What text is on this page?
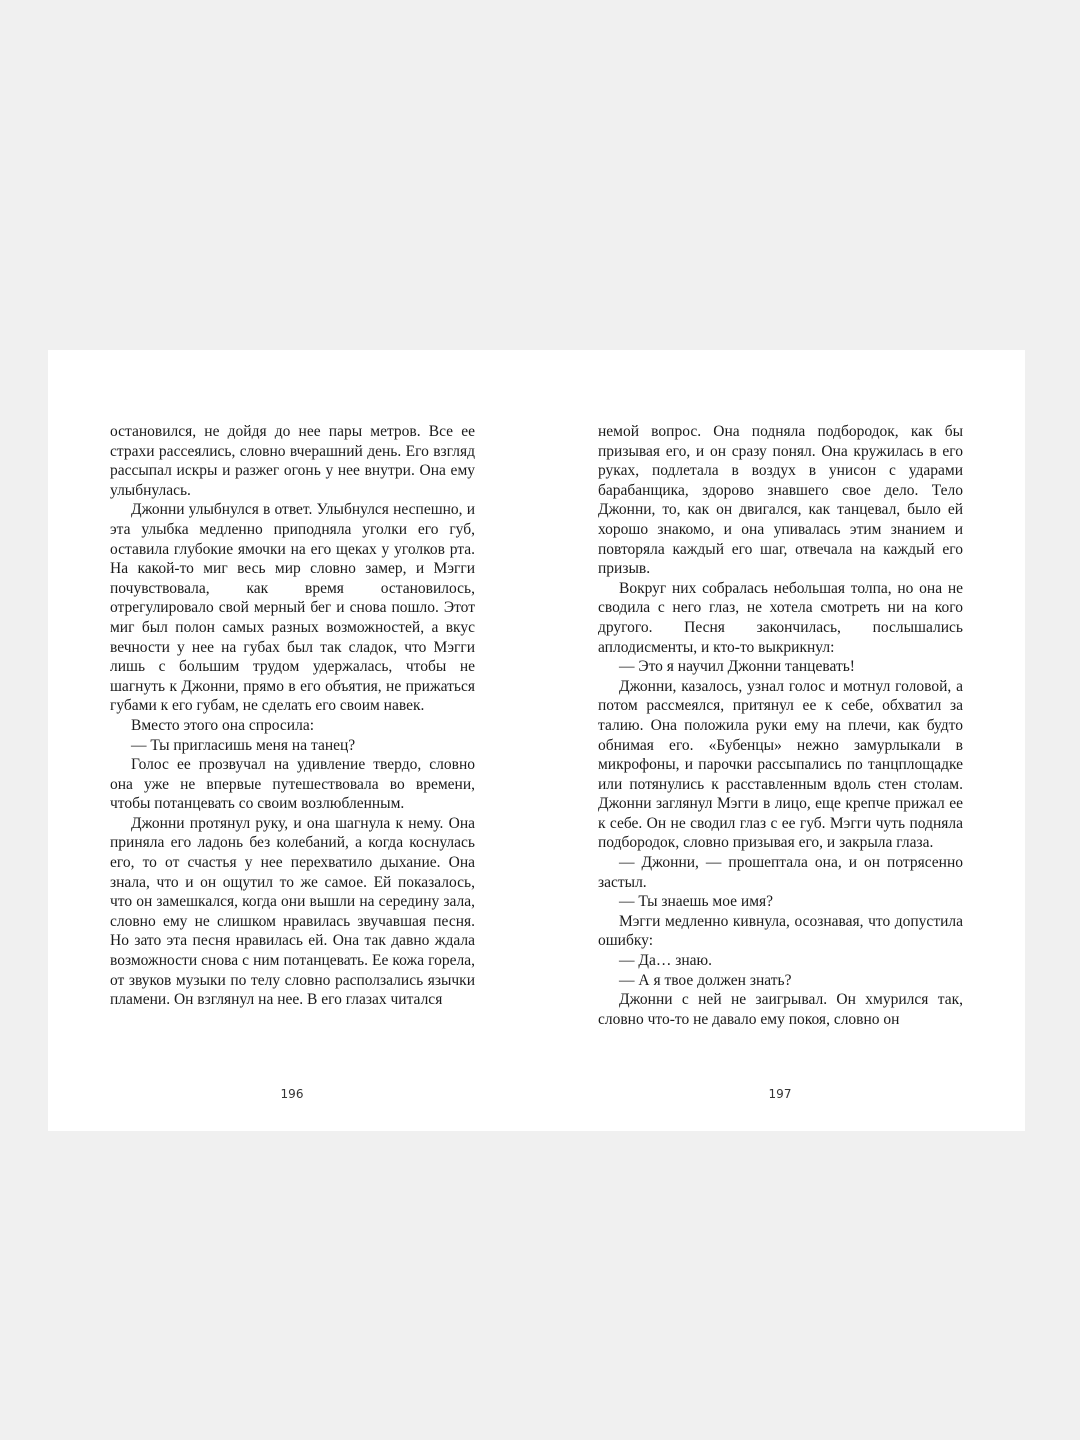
остановился, не дойдя до нее пары метров. Все ее страхи рассеялись, словно вчерашний день. Его взгляд рассыпал искры и разжег огонь у нее внутри. Она ему улыбнулась.

Джонни улыбнулся в ответ. Улыбнулся неспешно, и эта улыбка медленно приподняла уголки его губ, оставила глубокие ямочки на его щеках у уголков рта. На какой-то миг весь мир словно замер, и Мэгги почувствовала, как время остановилось, отрегулировало свой мерный бег и снова пошло. Этот миг был полон самых разных возможностей, а вкус вечности у нее на губах был так сладок, что Мэгги лишь с большим трудом удержалась, чтобы не шагнуть к Джонни, прямо в его объятия, не прижаться губами к его губам, не сделать его своим навек.

Вместо этого она спросила:

— Ты пригласишь меня на танец?

Голос ее прозвучал на удивление твердо, словно она уже не впервые путешествовала во времени, чтобы потанцевать со своим возлюбленным.

Джонни протянул руку, и она шагнула к нему. Она приняла его ладонь без колебаний, а когда коснулась его, то от счастья у нее перехватило дыхание. Она знала, что и он ощутил то же самое. Ей показалось, что он замешкался, когда они вышли на середину зала, словно ему не слишком нравилась звучавшая песня. Но зато эта песня нравилась ей. Она так давно ждала возможности снова с ним потанцевать. Ее кожа горела, от звуков музыки по телу словно расползались язычки пламени. Он взглянул на нее. В его глазах читался

немой вопрос. Она подняла подбородок, как бы призывая его, и он сразу понял. Она кружилась в его руках, подлетала в воздух в унисон с ударами барабанщика, здорово знавшего свое дело. Тело Джонни, то, как он двигался, как танцевал, было ей хорошо знакомо, и она упивалась этим знанием и повторяла каждый его шаг, отвечала на каждый его призыв.

Вокруг них собралась небольшая толпа, но она не сводила с него глаз, не хотела смотреть ни на кого другого. Песня закончилась, послышались аплодисменты, и кто-то выкрикнул:

— Это я научил Джонни танцевать!

Джонни, казалось, узнал голос и мотнул головой, а потом рассмеялся, притянул ее к себе, обхватил за талию. Она положила руки ему на плечи, как будто обнимая его. «Бубенцы» нежно замурлыкали в микрофоны, и парочки рассыпались по танцплощадке или потянулись к расставленным вдоль стен столам. Джонни заглянул Мэгги в лицо, еще крепче прижал ее к себе. Он не сводил глаз с ее губ. Мэгги чуть подняла подбородок, словно призывая его, и закрыла глаза.

— Джонни, — прошептала она, и он потрясенно застыл.

— Ты знаешь мое имя?

Мэгги медленно кивнула, осознавая, что допустила ошибку:

— Да… знаю.

— А я твое должен знать?

Джонни с ней не заигрывал. Он хмурился так, словно что-то не давало ему покоя, словно он

196	197
